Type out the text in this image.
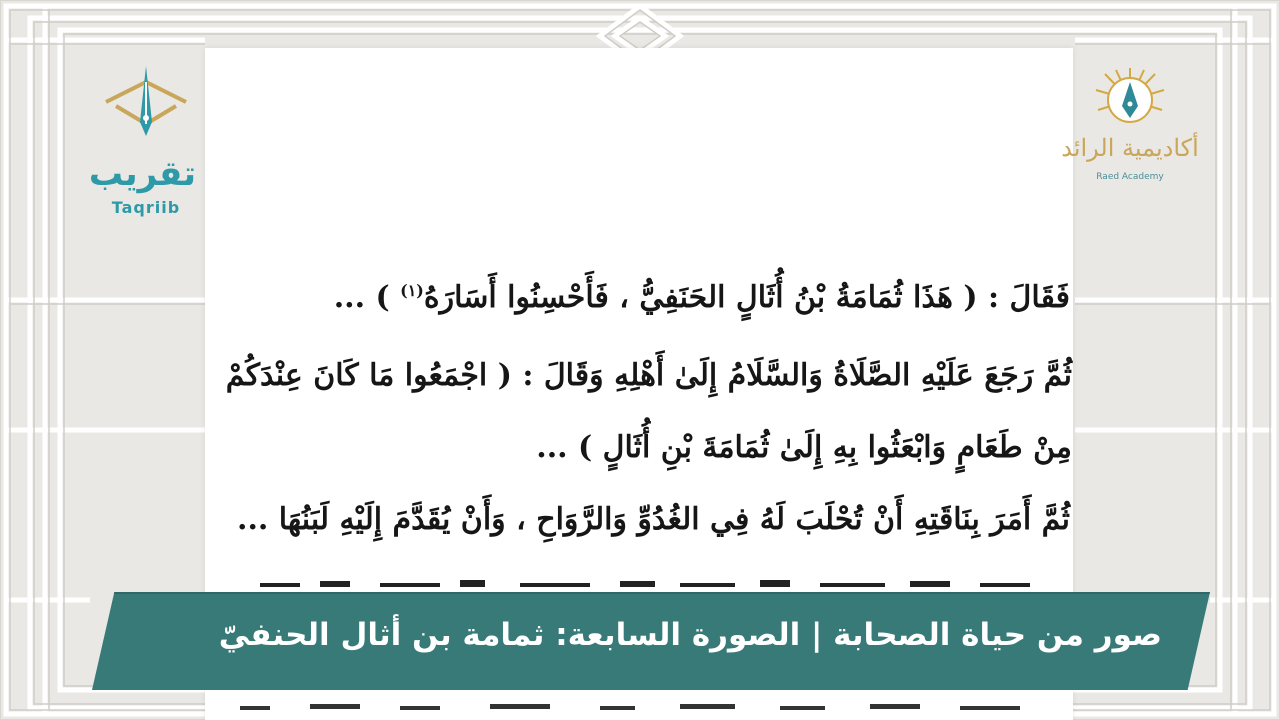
فَقَالَ : ( هَذَا ثُمَامَةُ بْنُ أُثَالٍ الحَنَفِيُّ ، فَأَحْسِنُوا أَسَارَهُ$^{(١)}$ ) ...
ثُمَّ رَجَعَ عَلَيْهِ الصَّلَاةُ وَالسَّلَامُ إِلَىٰ أَهْلِهِ وَقَالَ : ( اجْمَعُوا مَا كَانَ عِنْدَكُمْ
مِنْ طَعَامٍ وَابْعَثُوا بِهِ إِلَىٰ ثُمَامَةَ بْنِ أُثَالٍ ) ...
ثُمَّ أَمَرَ بِنَاقَتِهِ أَنْ تُحْلَبَ لَهُ فِي الغُدُوِّ وَالرَّوَاحِ ، وَأَنْ يُقَدَّمَ إِلَيْهِ لَبَنُهَا ...
تقريب
Taqriib
أكاديمية الرائد
Raed Academy
صور من حياة الصحابة | الصورة السابعة: ثمامة بن أثال الحنفيّ
